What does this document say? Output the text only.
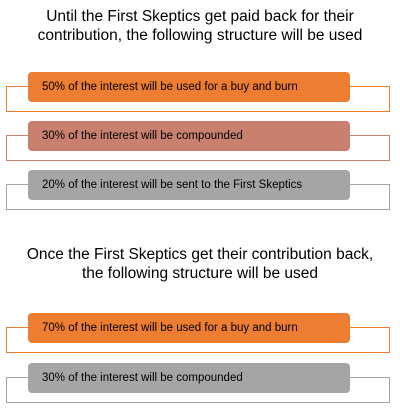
Until the First Skeptics get paid back for their contribution, the following structure will be used
50% of the interest will be used for a buy and burn
30% of the interest will be compounded
20% of the interest will be sent to the First Skeptics
Once the First Skeptics get their contribution back, the following structure will be used
70% of the interest will be used for a buy and burn
30% of the interest will be compounded
